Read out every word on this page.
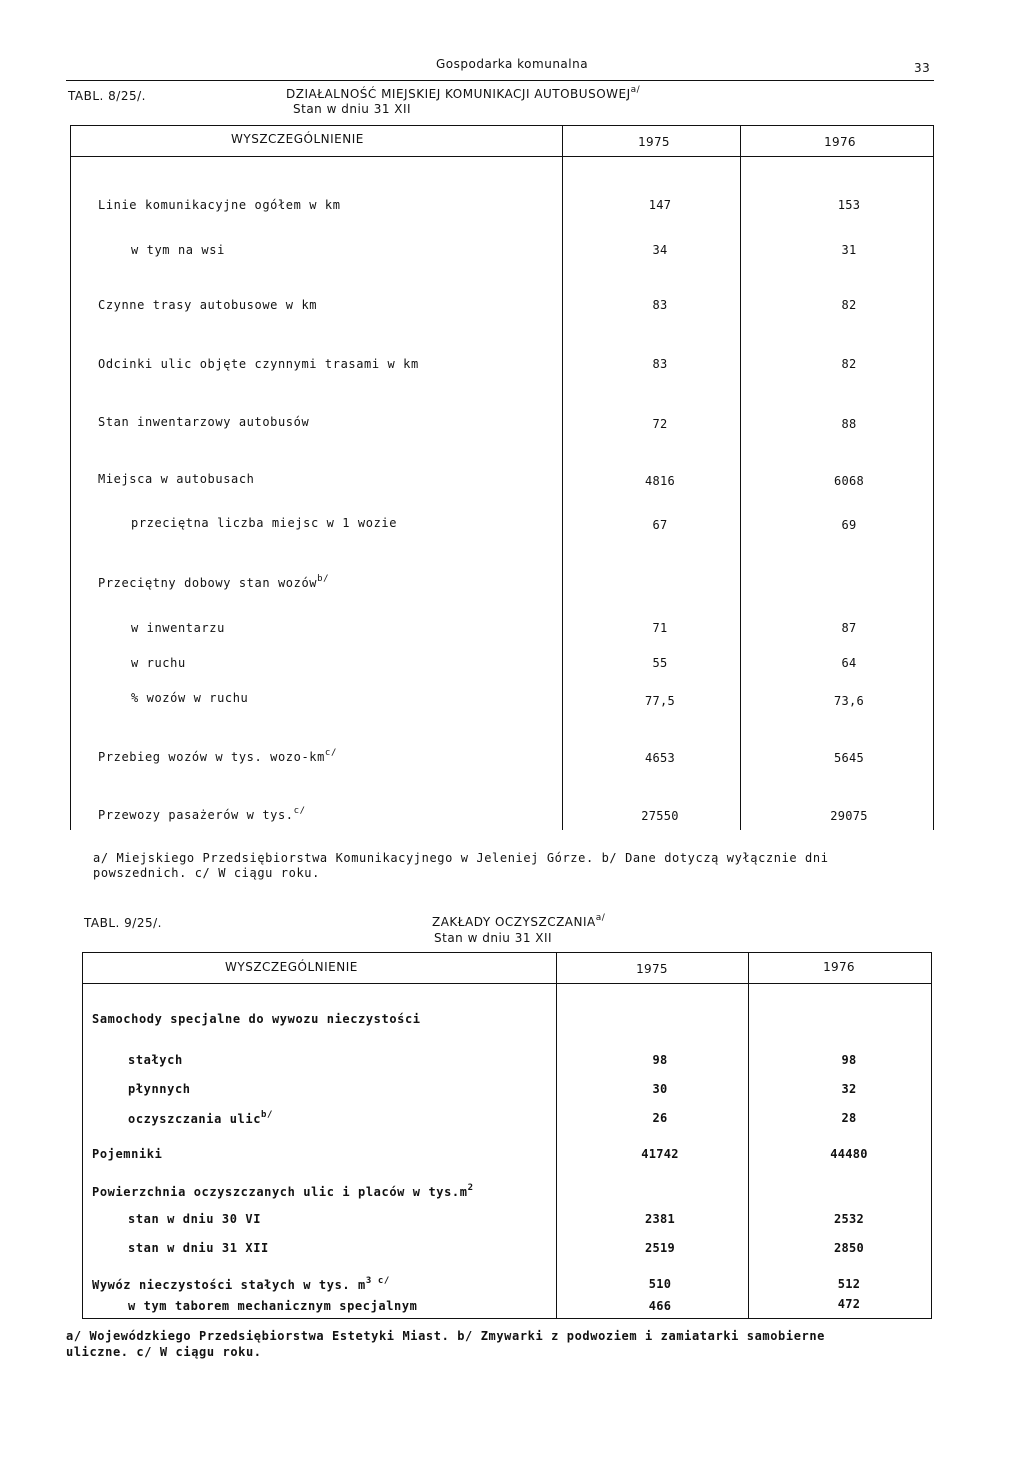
Gospodarka komunalna	33
TABL. 8/25/.	DZIAŁALNOŚĆ MIEJSKIEJ KOMUNIKACJI $AUTOBUSOWEJ^{a/}$
Stan w dniu 31 XII
WYSZCZEGÓLNIENIE	1975	1976
Linie komunikacyjne ogółem w km	147	153
w tym na wsi	34	31
Czynne trasy autobusowe w km	83	82
Odcinki ulic objęte czynnymi trasami w km	83	82
Stan inwentarzowy autobusów	72	88
Miejsca w autobusach	4816	6068
przeciętna liczba miejsc w 1 wozie	67	69
Przeciętny dobowy stan wozów$^{b/}$
w inwentarzu	71	87
w ruchu	55	64
% wozów w ruchu	77,5	73,6
Przebieg wozów w tys. wozo-$km^{c/}$	4653	5645
Przewozy pasażerów w tys.$^{c/}$	27550	29075
a/ Miejskiego Przedsiębiorstwa Komunikacyjnego w Jeleniej Górze. b/ Dane dotyczą wyłącznie dni
powszednich. c/ W ciągu roku.
TABL. 9/25/.	ZAKŁADY $OCZYSZCZANIA^{a/}$
Stan w dniu 31 XII
WYSZCZEGÓLNIENIE	1975	1976
Samochody specjalne do wywozu nieczystości
stałych	98	98
płynnych	30	32
oczyszczania ulic$^{b/}$	26	28
Pojemniki	41742	44480
Powierzchnia oczyszczanych ulic i placów w $tys.m^2$
stan w dniu 30 VI	2381	2532
stan w dniu 31 XII	2519	2850
Wywóz nieczystości stałych w tys. $m^{3 c/}$	510	512
w tym taborem mechanicznym specjalnym	466	472
a/ Wojewódzkiego Przedsiębiorstwa Estetyki Miast. b/ Zmywarki z podwoziem i zamiatarki samobierne
uliczne. c/ W ciągu roku.
